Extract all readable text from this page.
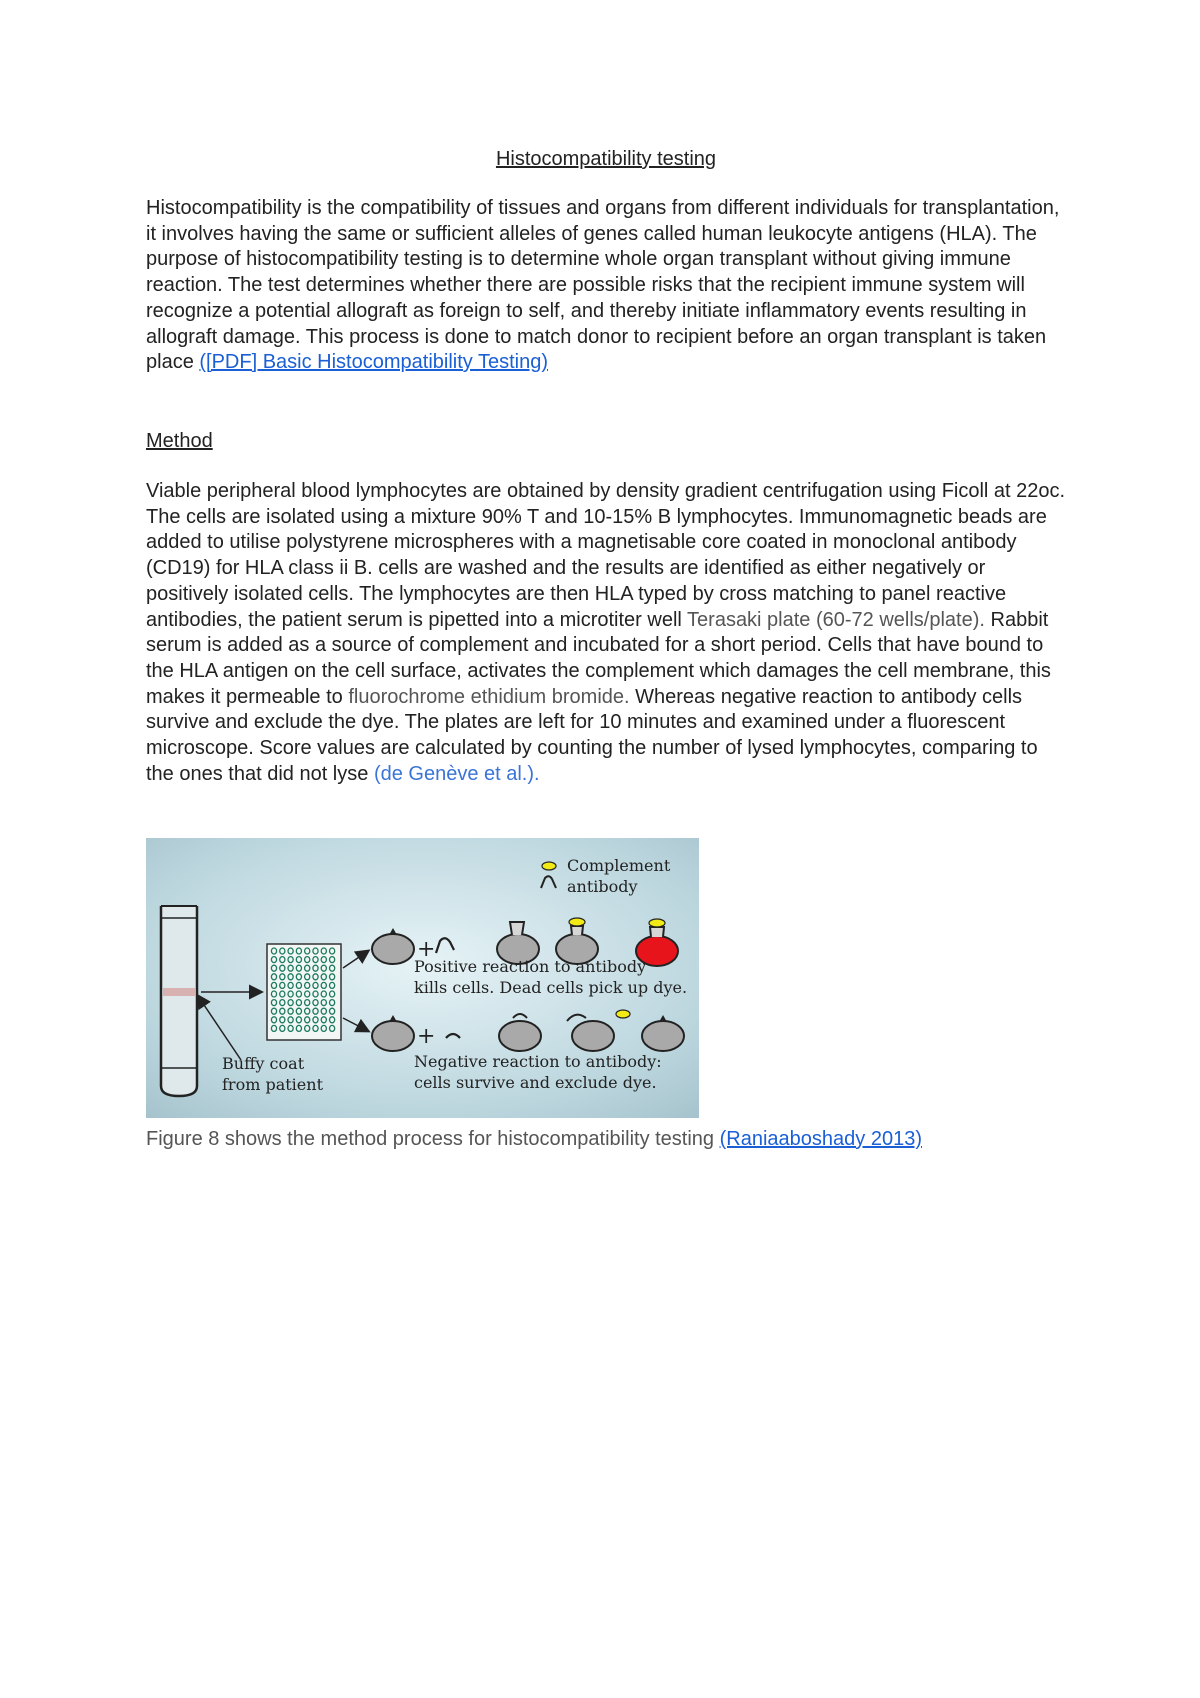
Histocompatibility testing

Histocompatibility is the compatibility of tissues and organs from different individuals for transplantation, it involves having the same or sufficient alleles of genes called human leukocyte antigens (HLA). The purpose of histocompatibility testing is to determine whole organ transplant without giving immune reaction. The test determines whether there are possible risks that the recipient immune system will recognize a potential allograft as foreign to self, and thereby initiate inflammatory events resulting in allograft damage. This process is done to match donor to recipient before an organ transplant is taken place ([PDF] Basic Histocompatibility Testing)

Method

Viable peripheral blood lymphocytes are obtained by density gradient centrifugation using Ficoll at 22oc. The cells are isolated using a mixture 90% T and 10-15% B lymphocytes. Immunomagnetic beads are added to utilise polystyrene microspheres with a magnetisable core coated in monoclonal antibody (CD19) for HLA class ii B. cells are washed and the results are identified as either negatively or positively isolated cells. The lymphocytes are then HLA typed by cross matching to panel reactive antibodies, the patient serum is pipetted into a microtiter well Terasaki plate (60-72 wells/plate). Rabbit serum is added as a source of complement and incubated for a short period. Cells that have bound to the HLA antigen on the cell surface, activates the complement which damages the cell membrane, this makes it permeable to fluorochrome ethidium bromide. Whereas negative reaction to antibody cells survive and exclude the dye. The plates are left for 10 minutes and examined under a fluorescent microscope. Score values are calculated by counting the number of lysed lymphocytes, comparing to the ones that did not lyse (de Genève et al.).

Complement
antibody
+
Positive reaction to antibody
kills cells. Dead cells pick up dye.
+
Negative reaction to antibody:
cells survive and exclude dye.
Buffy coat
from patient
Figure 8 shows the method process for histocompatibility testing (Raniaaboshady 2013)
